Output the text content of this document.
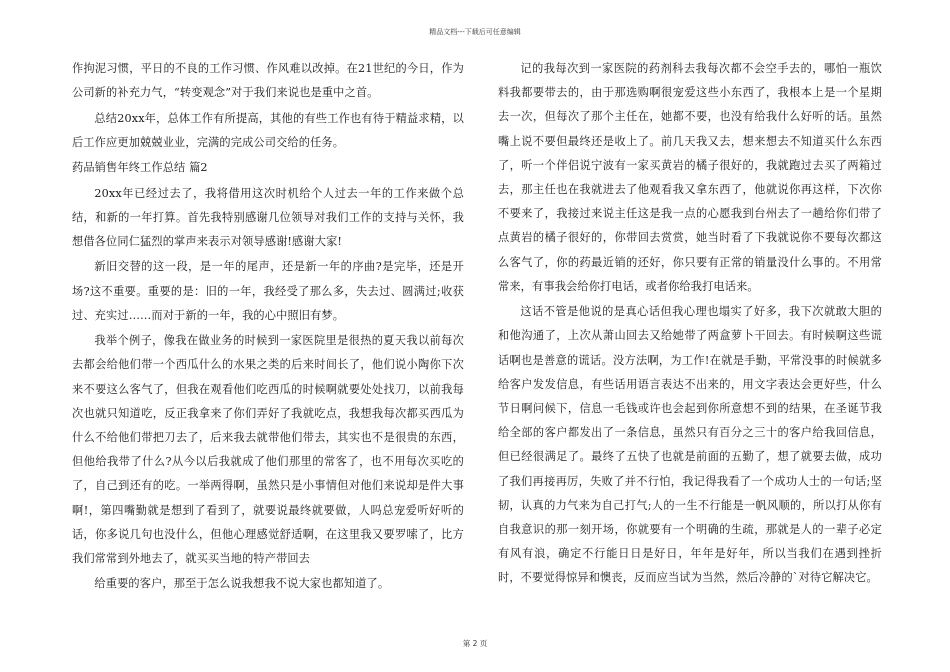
精品文档---下载后可任意编辑

作拘泥习惯，平日的不良的工作习惯、作风难以改掉。在21世纪的今日，作为公司新的补充力气，“转变观念”对于我们来说也是重中之首。

总结20xx年，总体工作有所提高，其他的有些工作也有待于精益求精，以后工作应更加兢兢业业，完满的完成公司交给的任务。

药品销售年终工作总结 篇2

20xx年已经过去了，我将借用这次时机给个人过去一年的工作来做个总结，和新的一年打算。首先我特别感谢几位领导对我们工作的支持与关怀，我想借各位同仁猛烈的掌声来表示对领导感谢!感谢大家!

新旧交替的这一段，是一年的尾声，还是新一年的序曲?是完毕，还是开场?这不重要。重要的是：旧的一年，我经受了那么多，失去过、圆满过;收获过、充实过……而对于新的一年，我的心中照旧有梦。

我举个例子，像我在做业务的时候到一家医院里是很热的夏天我以前每次去都会给他们带一个西瓜什么的水果之类的后来时间长了，他们说小陶你下次来不要这么客气了，但我在观看他们吃西瓜的时候啊就要处处找刀，以前我每次也就只知道吃，反正我拿来了你们弄好了我就吃点，我想我每次都买西瓜为什么不给他们带把刀去了，后来我去就带他们带去，其实也不是很贵的东西，但他给我带了什么?从今以后我就成了他们那里的常客了，也不用每次买吃的了，自己到还有的吃。一举两得啊，虽然只是小事情但对他们来说却是件大事啊!，第四嘴勤就是想到了看到了，就要说最终就要做，人吗总宠爱听好听的话，你多说几句也没什么，但他心理感觉舒适啊，在这里我又要罗嗦了，比方我们常常到外地去了，就买买当地的特产带回去

给重要的客户，那至于怎么说我想我不说大家也都知道了。

记的我每次到一家医院的药剂科去我每次都不会空手去的，哪怕一瓶饮料我都要带去的，由于那选购啊很宠爱这些小东西了，我根本上是一个星期去一次，但每次了那个主任在，她都不要，也没有给我什么好听的话。虽然嘴上说不要但最终还是收上了。前几天我又去，想来想去不知道买什么东西了，听一个伴侣说宁波有一家买黄岩的橘子很好的，我就跑过去买了两箱过去，那主任也在我就进去了他观看我又拿东西了，他就说你再这样，下次你不要来了，我接过来说主任这是我一点的心愿我到台州去了一趟给你们带了点黄岩的橘子很好的，你带回去赏赏，她当时看了下我就说你不要每次都这么客气了，你的药最近销的还好，你只要有正常的销量没什么事的。不用常常来，有事我会给你打电话，或者你给我打电话来。

这话不管是他说的是真心话但我心理也塌实了好多，我下次就敢大胆的和他沟通了，上次从萧山回去又给她带了两盒萝卜干回去。有时候啊这些谎话啊也是善意的谎话。没方法啊，为工作!在就是手勤，平常没事的时候就多给客户发发信息，有些话用语言表达不出来的，用文字表达会更好些，什么节日啊问候下，信息一毛钱或许也会起到你所意想不到的结果，在圣诞节我给全部的客户都发出了一条信息，虽然只有百分之三十的客户给我回信息，但已经很满足了。最终了五快了也就是前面的五勤了，想了就要去做，成功了我们再接再厉，失败了并不行怕，我记得我看了一个成功人士的一句话;坚韧，认真的力气来为自己打气;人的一生不行能是一帆风顺的，所以打从你有自我意识的那一刻开场，你就要有一个明确的生疏，那就是人的一辈子必定有风有浪，确定不行能日日是好日，年年是好年，所以当我们在遇到挫折时，不要觉得惊异和懊丧，反而应当试为当然，然后冷静的`对待它解决它。

第 2 页
